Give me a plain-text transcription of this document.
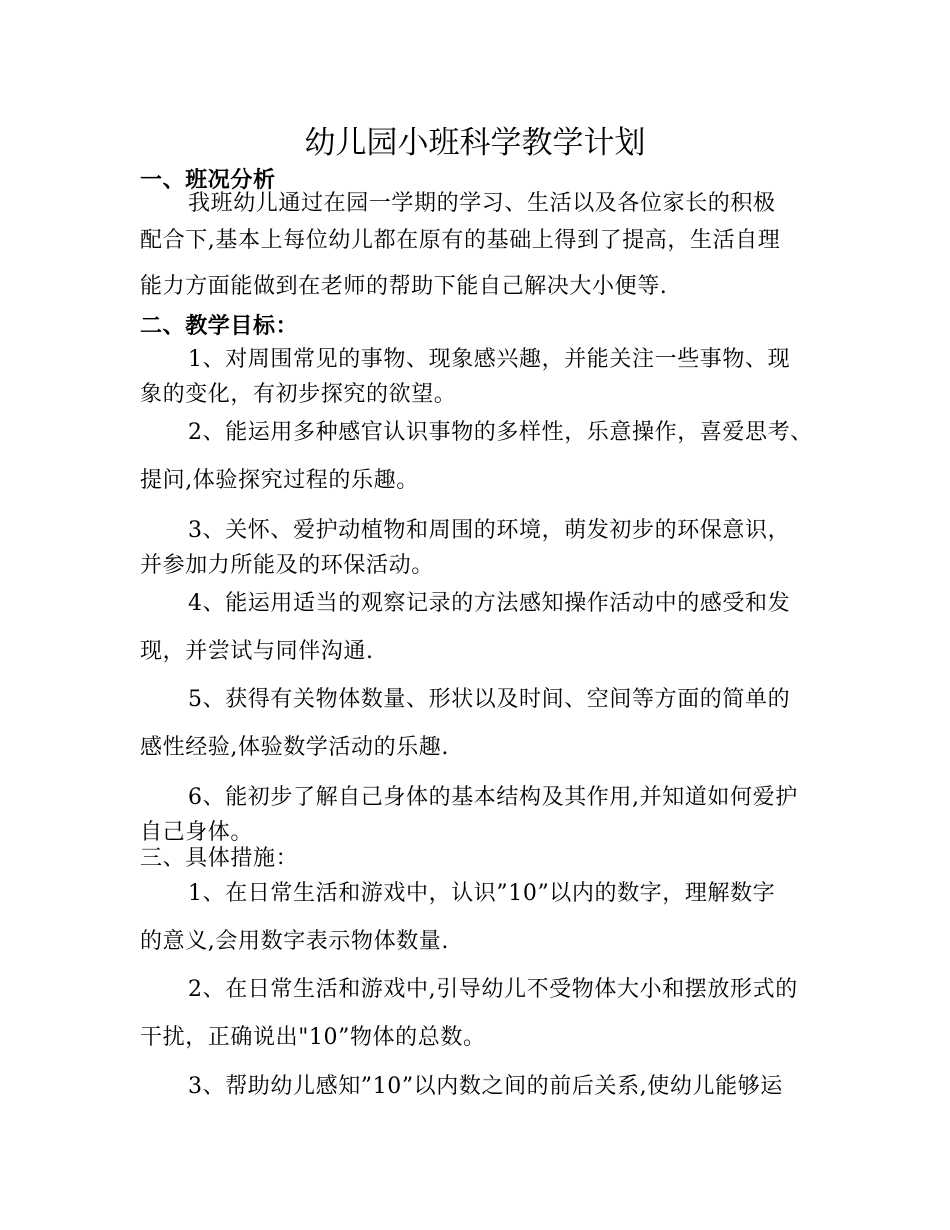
幼儿园小班科学教学计划
一、班况分析
我班幼儿通过在园一学期的学习、生活以及各位家长的积极
配合下,基本上每位幼儿都在原有的基础上得到了提高，生活自理
能力方面能做到在老师的帮助下能自己解决大小便等.
二、教学目标：
1、对周围常见的事物、现象感兴趣，并能关注一些事物、现
象的变化，有初步探究的欲望。
2、能运用多种感官认识事物的多样性，乐意操作，喜爱思考、
提问,体验探究过程的乐趣。
3、关怀、爱护动植物和周围的环境，萌发初步的环保意识，
并参加力所能及的环保活动。
4、能运用适当的观察记录的方法感知操作活动中的感受和发
现，并尝试与同伴沟通.
5、获得有关物体数量、形状以及时间、空间等方面的简单的
感性经验,体验数学活动的乐趣.
6、能初步了解自己身体的基本结构及其作用,并知道如何爱护
自己身体。
三、具体措施：
1、在日常生活和游戏中，认识”10”以内的数字，理解数字
的意义,会用数字表示物体数量.
2、在日常生活和游戏中,引导幼儿不受物体大小和摆放形式的
干扰，正确说出"10”物体的总数。
3、帮助幼儿感知”10”以内数之间的前后关系,使幼儿能够运
